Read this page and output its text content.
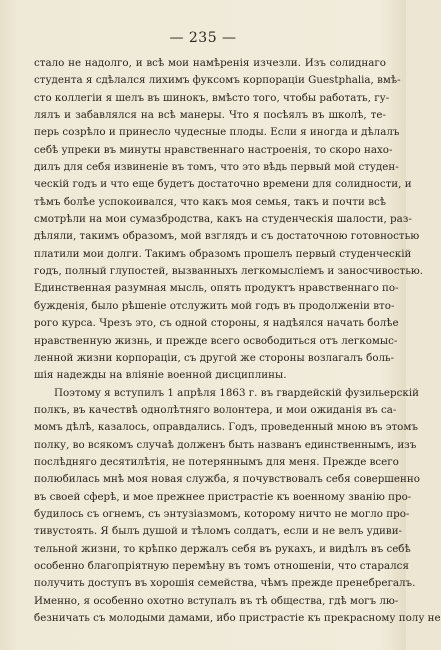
— 235 —
стало не надолго, и всѣ мои намѣренія изчезли. Изъ солиднаго
студента я сдѣлался лихимъ фуксомъ корпораціи Guestphalia, вмѣ-
сто коллегіи я шелъ въ шинокъ, вмѣсто того, чтобы работать, гу-
лялъ и забавлялся на всѣ манеры. Что я посѣялъ въ школѣ, те-
перь созрѣло и принесло чудесные плоды. Если я иногда и дѣлалъ
себѣ упреки въ минуты нравственнаго настроенія, то скоро нахо-
дилъ для себя извиненіе въ томъ, что это вѣдь первый мой студен-
ческій годъ и что еще будетъ достаточно времени для солидности, и
тѣмъ болѣе успокоивался, что какъ моя семья, такъ и почти всѣ
смотрѣли на мои сумазбродства, какъ на студенческія шалости, раз-
дѣляли, такимъ образомъ, мой взглядъ и съ достаточною готовностью
платили мои долги. Такимъ образомъ прошелъ первый студенческій
годъ, полный глупостей, вызванныхъ легкомысліемъ и заносчивостью.
Единственная разумная мысль, опять продуктъ нравственнаго по-
бужденія, было рѣшеніе отслужить мой годъ въ продолженіи вто-
рого курса. Чрезъ это, съ одной стороны, я надѣялся начать болѣе
нравственную жизнь, и прежде всего освободиться отъ легкомыс-
ленной жизни корпораціи, съ другой же стороны возлагалъ боль-
шія надежды на вліяніе военной дисциплины.
Поэтому я вступилъ 1 апрѣля 1863 г. въ гвардейскій фузильерскій
полкъ, въ качествѣ однолѣтняго волонтера, и мои ожиданія въ са-
момъ дѣлѣ, казалось, оправдались. Годъ, проведенный мною въ этомъ
полку, во всякомъ случаѣ долженъ быть названъ единственнымъ, изъ
послѣдняго десятилѣтія, не потеряннымъ для меня. Прежде всего
полюбилась мнѣ моя новая служба, я почувствовалъ себя совершенно
въ своей сферѣ, и мое прежнее пристрастіе къ военному званію про-
будилось съ огнемъ, съ энтузіазмомъ, которому ничто не могло про-
тивустоять. Я былъ душой и тѣломъ солдатъ, если и не велъ удиви-
тельной жизни, то крѣпко держалъ себя въ рукахъ, и видѣлъ въ себѣ
особенно благопріятную перемѣну въ томъ отношеніи, что старался
получить доступъ въ хорошія семейства, чѣмъ прежде пренебрегалъ.
Именно, я особенно охотно вступалъ въ тѣ общества, гдѣ могъ лю-
безничать съ молодыми дамами, ибо пристрастіе къ прекрасному полу не
